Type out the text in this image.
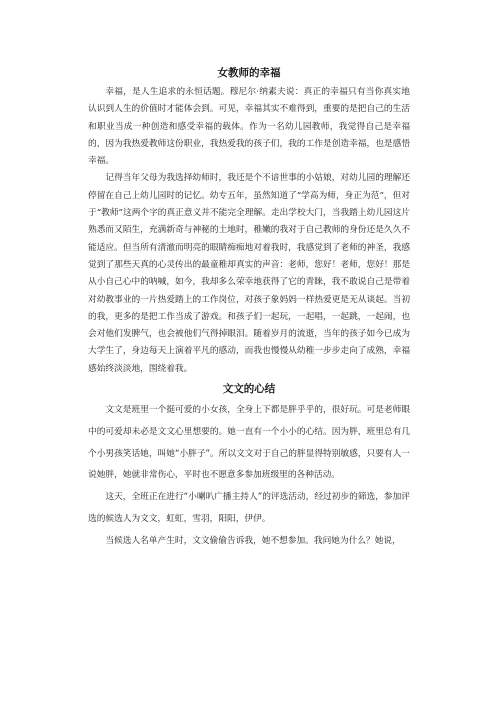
女教师的幸福

幸福，是人生追求的永恒话题。穆尼尔·纳素夫说：真正的幸福只有当你真实地认识到人生的价值时才能体会到。可见，幸福其实不难得到，重要的是把自己的生活和职业当成一种创造和感受幸福的载体。作为一名幼儿园教师，我觉得自己是幸福的，因为我热爱教师这份职业，我热爱我的孩子们，我的工作是创造幸福，也是感悟幸福。

记得当年父母为我选择幼师时，我还是个不谙世事的小姑娘，对幼儿园的理解还停留在自己上幼儿园时的记忆。幼专五年，虽然知道了“学高为师，身正为范”，但对于“教师”这两个字的真正意义并不能完全理解。走出学校大门，当我踏上幼儿园这片熟悉而又陌生，充满新奇与神秘的土地时，稚嫩的我对于自己教师的身份还是久久不能适应。但当所有清澈而明亮的眼睛痴痴地对着我时，我感觉到了老师的神圣，我感觉到了那些天真的心灵传出的最童稚却真实的声音：老师，您好！老师，您好！那是从小自己心中的呐喊，如今，我却多么荣幸地获得了它的青睐，我不敢说自己是带着对幼教事业的一片热爱踏上的工作岗位，对孩子象妈妈一样热爱更是无从谈起。当初的我，更多的是把工作当成了游戏。和孩子们一起玩，一起唱，一起跳，一起闹，也会对他们发脾气，也会被他们气得掉眼泪。随着岁月的流逝，当年的孩子如今已成为大学生了，身边每天上演着平凡的感动，而我也慢慢从幼稚一步步走向了成熟，幸福感始终淡淡地，围绕着我。

文文的心结

文文是班里一个挺可爱的小女孩，全身上下都是胖乎乎的，很好玩。可是老师眼中的可爱却未必是文文心里想要的。她一直有一个小小的心结。因为胖，班里总有几个小男孩笑话她，叫她“小胖子”。所以文文对于自己的胖显得特别敏感，只要有人一说她胖，她就非常伤心，平时也不愿意多参加班级里的各种活动。

这天，全班正在进行“小喇叭广播主持人”的评选活动，经过初步的筛选，参加评选的候选人为文文，虹虹，雪羽，阳阳，伊伊。

当候选人名单产生时，文文偷偷告诉我，她不想参加。我问她为什么？她说，
